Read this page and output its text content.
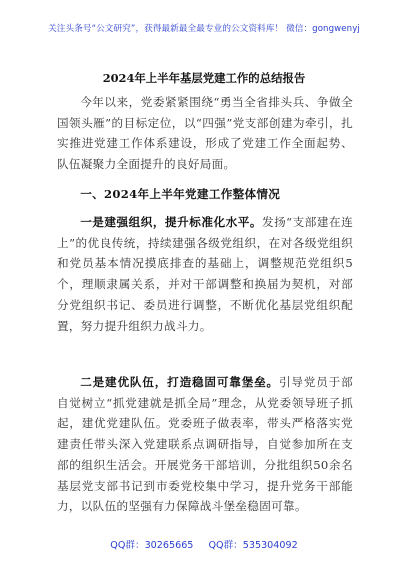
关注头条号“公文研究”，获得最新最全最专业的公文资料库！ 微信：gongwenyj
2024年上半年基层党建工作的总结报告
今年以来，党委紧紧围绕“勇当全省排头兵、争做全国领头雁”的目标定位，以“四强”党支部创建为牵引，扎实推进党建工作体系建设，形成了党建工作全面起势、队伍凝聚力全面提升的良好局面。
一、2024年上半年党建工作整体情况
一是建强组织，提升标准化水平。发扬“支部建在连上”的优良传统，持续建强各级党组织，在对各级党组织和党员基本情况摸底排查的基础上，调整规范党组织5个，理顺隶属关系，并对干部调整和换届为契机，对部分党组织书记、委员进行调整，不断优化基层党组织配置，努力提升组织力战斗力。
二是建优队伍，打造稳固可靠堡垒。引导党员于部自觉树立“抓党建就是抓全局”理念，从党委领导班子抓起，建优党建队伍。党委班子做表率，带头严格落实党建责任带头深入党建联系点调研指导，自觉参加所在支部的组织生活会。开展党务干部培训，分批组织50余名基层党支部书记到市委党校集中学习，提升党务干部能力，以队伍的坚强有力保障战斗堡垒稳固可靠。
QQ群：30265665 QQ群：535304092
